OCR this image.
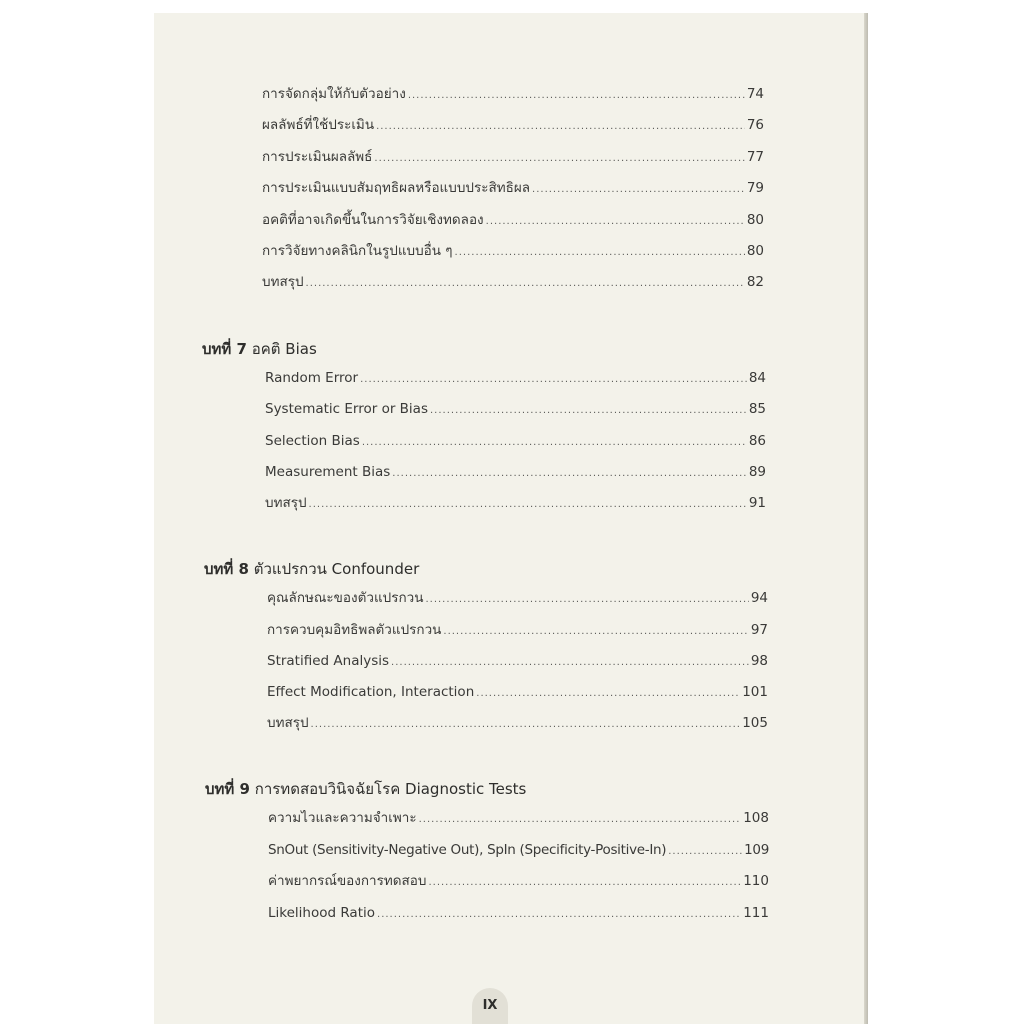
การจัดกลุ่มให้กับตัวอย่าง .....	74
ผลลัพธ์ที่ใช้ประเมิน .....	76
การประเมินผลลัพธ์ .....	77
การประเมินแบบสัมฤทธิผลหรือแบบประสิทธิผล .....	79
อคติที่อาจเกิดขึ้นในการวิจัยเชิงทดลอง .....	80
การวิจัยทางคลินิกในรูปแบบอื่น ๆ .....	80
บทสรุป .....	82
บทที่ 7 อคติ Bias
Random Error .....	84
Systematic Error or Bias .....	85
Selection Bias .....	86
Measurement Bias .....	89
บทสรุป .....	91
บทที่ 8 ตัวแปรกวน Confounder
คุณลักษณะของตัวแปรกวน .....	94
การควบคุมอิทธิพลตัวแปรกวน .....	97
Stratified Analysis .....	98
Effect Modification, Interaction .....	101
บทสรุป .....	105
บทที่ 9 การทดสอบวินิจฉัยโรค Diagnostic Tests
ความไวและความจำเพาะ .....	108
SnOut (Sensitivity-Negative Out), SpIn (Specificity-Positive-In) .....	109
ค่าพยากรณ์ของการทดสอบ .....	110
Likelihood Ratio .....	111
IX
